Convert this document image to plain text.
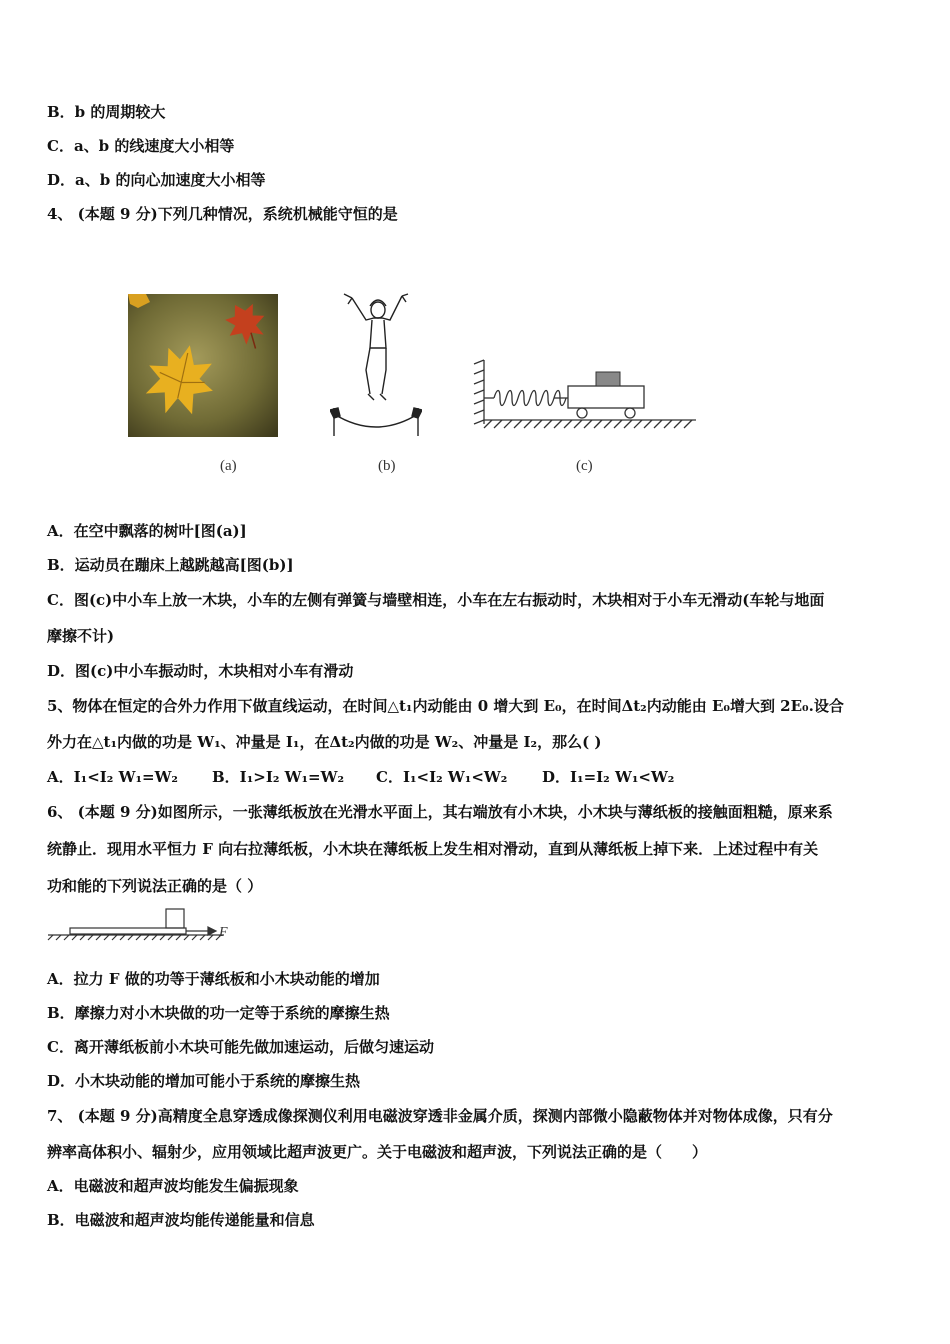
B．b 的周期较大
C．a、b 的线速度大小相等
D．a、b 的向心加速度大小相等
4、 (本题 9 分)下列几种情况，系统机械能守恒的是
(a)	(b)	(c)
A．在空中飘落的树叶[图(a)]
B．运动员在蹦床上越跳越高[图(b)]
C．图(c)中小车上放一木块，小车的左侧有弹簧与墙壁相连，小车在左右振动时，木块相对于小车无滑动(车轮与地面
摩擦不计)
D．图(c)中小车振动时，木块相对小车有滑动
5、物体在恒定的合外力作用下做直线运动，在时间△t₁内动能由 0 增大到 E₀，在时间Δt₂内动能由 E₀增大到 2E₀.设合
外力在△t₁内做的功是 W₁、冲量是 I₁，在Δt₂内做的功是 W₂、冲量是 I₂，那么( )
A．I₁<I₂ W₁=W₂ B．I₁>I₂ W₁=W₂ C．I₁<I₂ W₁<W₂ D．I₁=I₂ W₁<W₂
6、 (本题 9 分)如图所示，一张薄纸板放在光滑水平面上，其右端放有小木块，小木块与薄纸板的接触面粗糙，原来系
统静止．现用水平恒力 F 向右拉薄纸板，小木块在薄纸板上发生相对滑动，直到从薄纸板上掉下来．上述过程中有关
功和能的下列说法正确的是（ ）
F
A．拉力 F 做的功等于薄纸板和小木块动能的增加
B．摩擦力对小木块做的功一定等于系统的摩擦生热
C．离开薄纸板前小木块可能先做加速运动，后做匀速运动
D．小木块动能的增加可能小于系统的摩擦生热
7、 (本题 9 分)高精度全息穿透成像探测仪利用电磁波穿透非金属介质，探测内部微小隐蔽物体并对物体成像，只有分
辨率高体积小、辐射少，应用领域比超声波更广。关于电磁波和超声波，下列说法正确的是（　　）
A．电磁波和超声波均能发生偏振现象
B．电磁波和超声波均能传递能量和信息
